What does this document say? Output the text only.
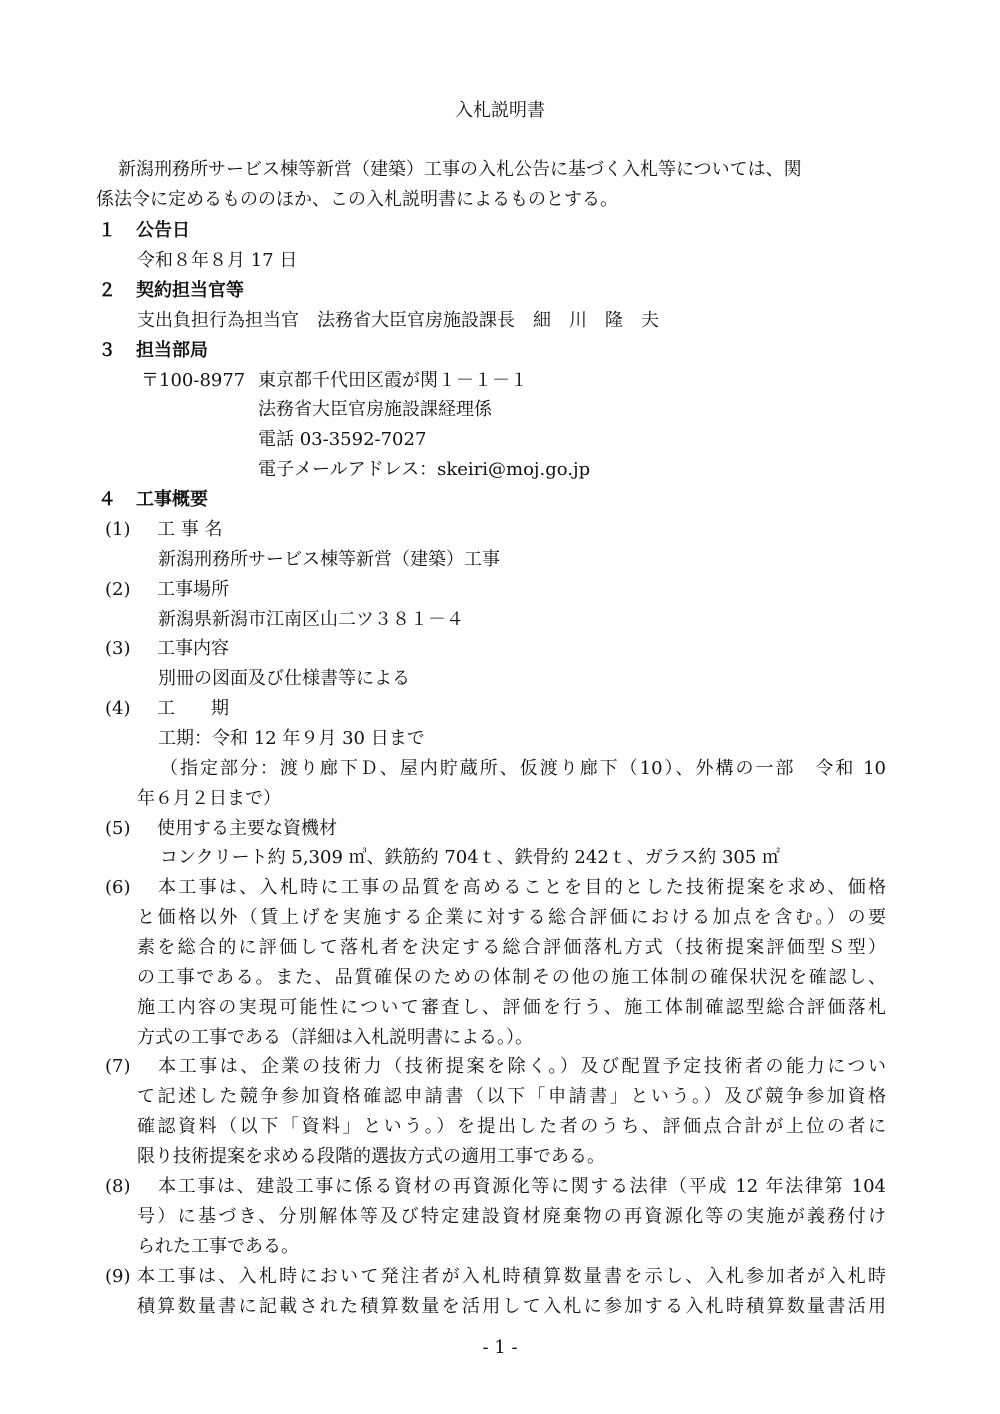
入札説明書
新潟刑務所サービス棟等新営（建築）工事の入札公告に基づく入札等については、関
係法令に定めるもののほか、この入札説明書によるものとする。
１ 公告日
令和８年８月 17 日
２ 契約担当官等
支出負担行為担当官　法務省大臣官房施設課長　細　川　隆　夫
３ 担当部局
〒100-8977 東京都千代田区霞が関１－１－１
法務省大臣官房施設課経理係
電話 03-3592-7027
電子メールアドレス：skeiri@moj.go.jp
４ 工事概要
(1) 工 事 名
新潟刑務所サービス棟等新営（建築）工事
(2) 工事場所
新潟県新潟市江南区山二ツ３８１－４
(3) 工事内容
別冊の図面及び仕様書等による
(4) 工　　期
工期：令和 12 年９月 30 日まで
（指定部分：渡り廊下Ｄ、屋内貯蔵所、仮渡り廊下（10）、外構の一部　令和 10
年６月２日まで）
(5) 使用する主要な資機材
コンクリート約 5,309 ㎥、鉄筋約 704ｔ、鉄骨約 242ｔ、ガラス約 305 ㎡
(6) 本工事は、入札時に工事の品質を高めることを目的とした技術提案を求め、価格
と価格以外（賃上げを実施する企業に対する総合評価における加点を含む。）の要
素を総合的に評価して落札者を決定する総合評価落札方式（技術提案評価型Ｓ型）
の工事である。また、品質確保のための体制その他の施工体制の確保状況を確認し、
施工内容の実現可能性について審査し、評価を行う、施工体制確認型総合評価落札
方式の工事である（詳細は入札説明書による。）。
(7) 本工事は、企業の技術力（技術提案を除く。）及び配置予定技術者の能力につい
て記述した競争参加資格確認申請書（以下「申請書」という。）及び競争参加資格
確認資料（以下「資料」という。）を提出した者のうち、評価点合計が上位の者に
限り技術提案を求める段階的選抜方式の適用工事である。
(8) 本工事は、建設工事に係る資材の再資源化等に関する法律（平成 12 年法律第 104
号）に基づき、分別解体等及び特定建設資材廃棄物の再資源化等の実施が義務付け
られた工事である。
(9) 本工事は、入札時において発注者が入札時積算数量書を示し、入札参加者が入札時
積算数量書に記載された積算数量を活用して入札に参加する入札時積算数量書活用
- 1 -
